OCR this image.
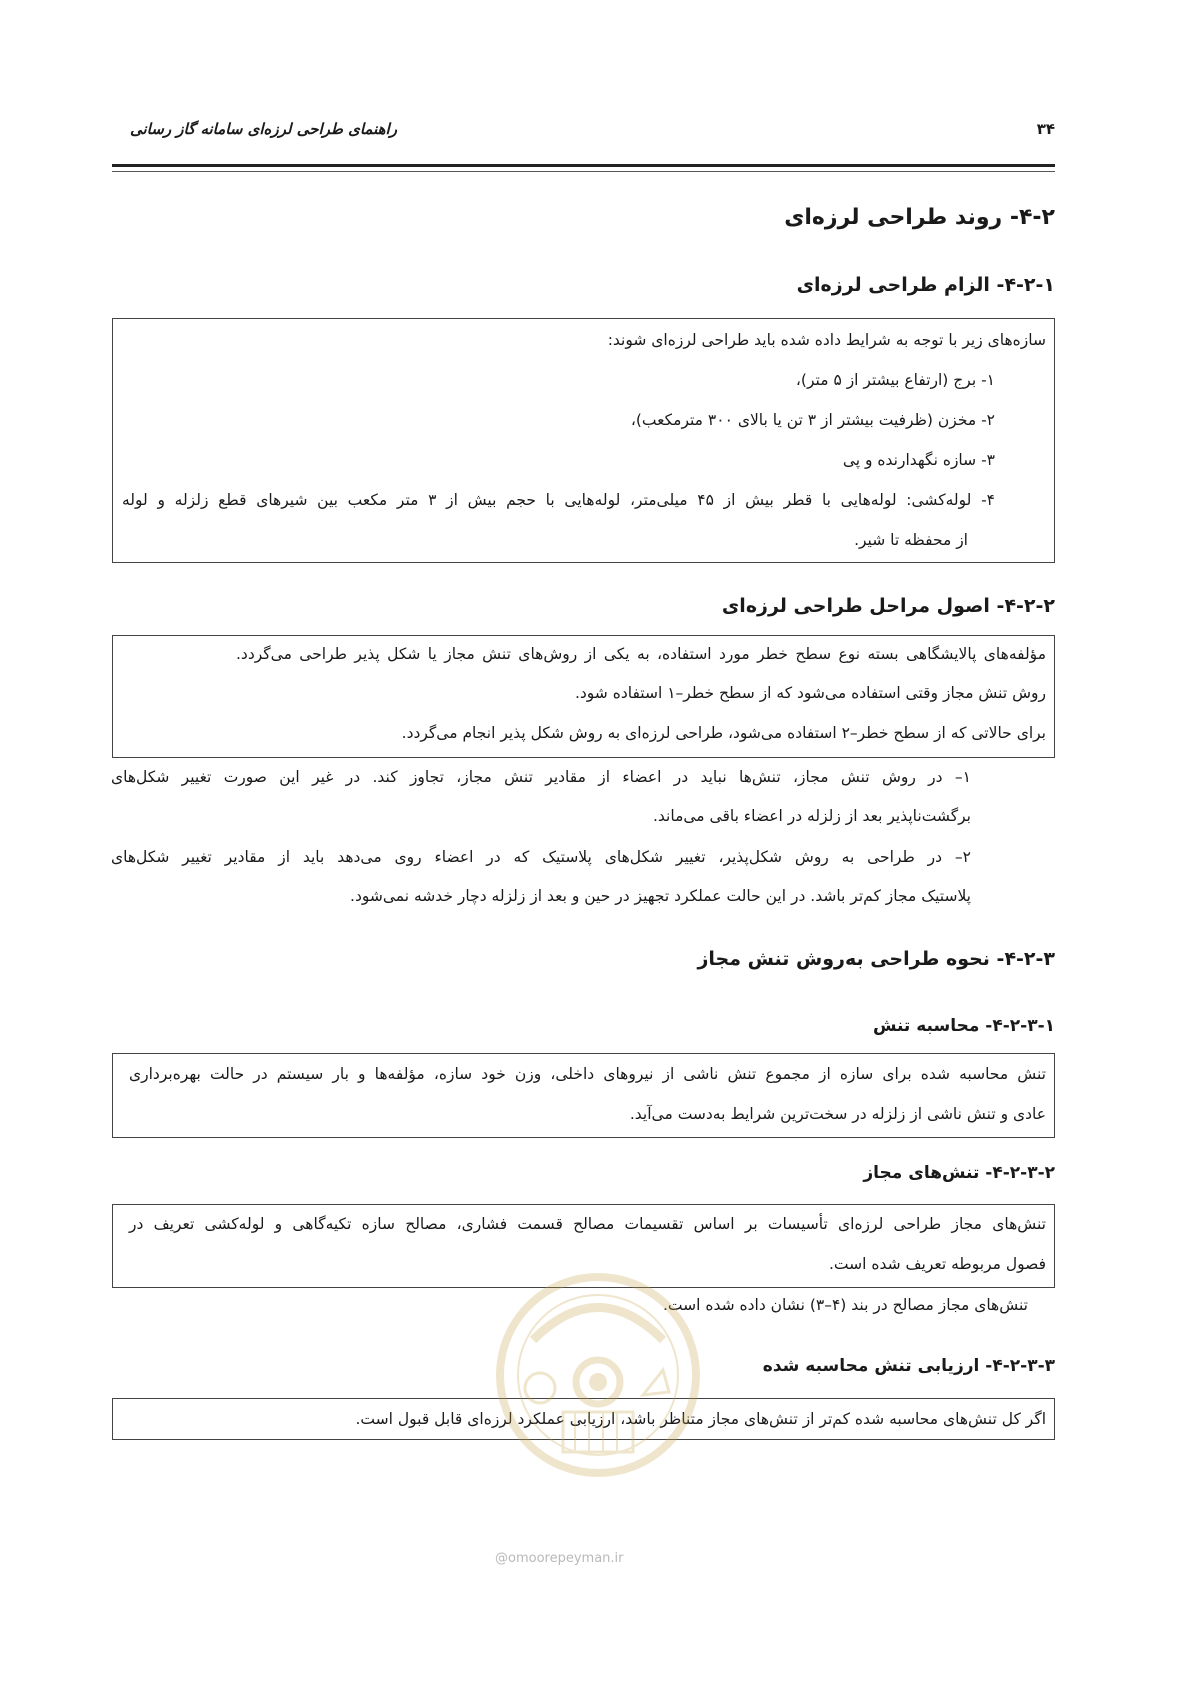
۳۴
راهنمای طراحی لرزه‌ای سامانه گاز رسانی
۴-۲- روند طراحی لرزه‌ای
۴-۲-۱- الزام طراحی لرزه‌ای
سازه‌های زیر با توجه به شرایط داده شده باید طراحی لرزه‌ای شوند:
۱- برج (ارتفاع بیشتر از ۵ متر)،
۲- مخزن (ظرفیت بیشتر از ۳ تن یا بالای ۳۰۰ مترمکعب)،
۳- سازه نگهدارنده و پی
۴- لوله‌کشی: لوله‌هایی با قطر بیش از ۴۵ میلی‌متر، لوله‌هایی با حجم بیش از ۳ متر مکعب بین شیرهای قطع زلزله و لوله
از محفظه تا شیر.
۴-۲-۲- اصول مراحل طراحی لرزه‌ای
مؤلفه‌های پالایشگاهی بسته نوع سطح خطر مورد استفاده، به یکی از روش‌های تنش مجاز یا شکل پذیر طراحی می‌گردد.
روش تنش مجاز وقتی استفاده می‌شود که از سطح خطر–۱ استفاده شود.
برای حالاتی که از سطح خطر–۲ استفاده می‌شود، طراحی لرزه‌ای به روش شکل پذیر انجام می‌گردد.
۱– در روش تنش مجاز، تنش‌ها نباید در اعضاء از مقادیر تنش مجاز، تجاوز کند. در غیر این صورت تغییر شکل‌های
برگشت‌ناپذیر بعد از زلزله در اعضاء باقی می‌ماند.
۲– در طراحی به روش شکل‌پذیر، تغییر شکل‌های پلاستیک که در اعضاء روی می‌دهد باید از مقادیر تغییر شکل‌های
پلاستیک مجاز کم‌تر باشد. در این حالت عملکرد تجهیز در حین و بعد از زلزله دچار خدشه نمی‌شود.
۴-۲-۳- نحوه طراحی به‌روش تنش مجاز
۴-۲-۳-۱- محاسبه تنش
تنش محاسبه شده برای سازه از مجموع تنش ناشی از نیروهای داخلی، وزن خود سازه، مؤلفه‌ها و بار سیستم در حالت بهره‌برداری
عادی و تنش ناشی از زلزله در سخت‌ترین شرایط به‌دست می‌آید.
۴-۲-۳-۲- تنش‌های مجاز
تنش‌های مجاز طراحی لرزه‌ای تأسیسات بر اساس تقسیمات مصالح قسمت فشاری، مصالح سازه تکیه‌گاهی و لوله‌کشی تعریف در
فصول مربوطه تعریف شده است.
تنش‌های مجاز مصالح در بند (۴–۳) نشان داده شده است.
۴-۲-۳-۳- ارزیابی تنش محاسبه شده
اگر کل تنش‌های محاسبه شده کم‌تر از تنش‌های مجاز متناظر باشد، ارزیابی عملکرد لرزه‌ای قابل قبول است.
@omoorepeyman.ir
